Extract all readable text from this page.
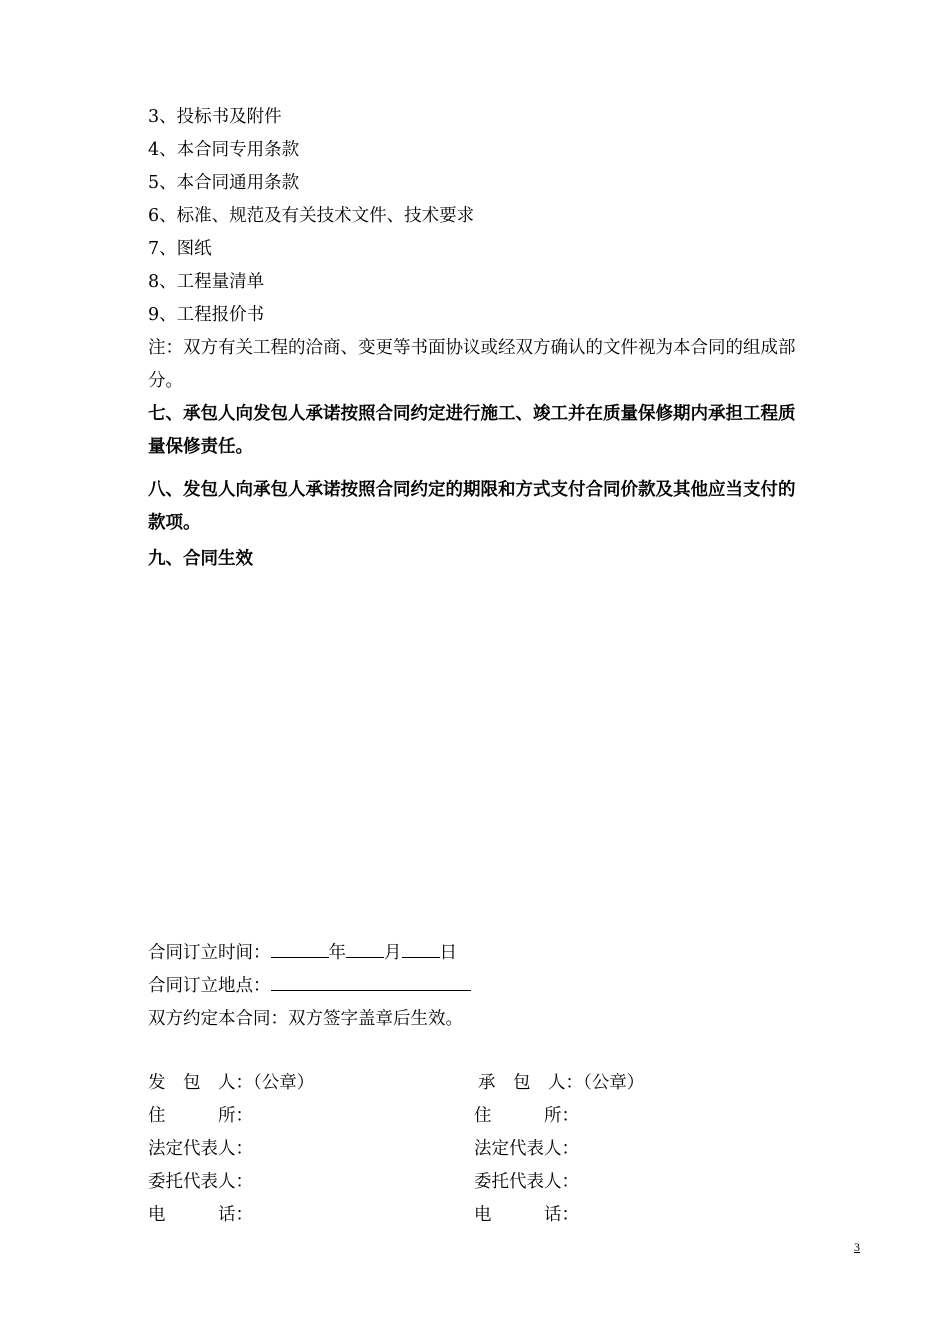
3、投标书及附件
4、本合同专用条款
5、本合同通用条款
6、标准、规范及有关技术文件、技术要求
7、图纸
8、工程量清单
9、工程报价书
注：双方有关工程的洽商、变更等书面协议或经双方确认的文件视为本合同的组成部
分。
七、承包人向发包人承诺按照合同约定进行施工、竣工并在质量保修期内承担工程质
量保修责任。
八、发包人向承包人承诺按照合同约定的期限和方式支付合同价款及其他应当支付的
款项。
九、合同生效
合同订立时间：	年 月 日
合同订立地点：
双方约定本合同：双方签字盖章后生效。
发　包　人：（公章）
住　　　所：
法定代表人：
委托代表人：
电　　　话：
承　包　人：（公章）
住　　　所：
法定代表人：
委托代表人：
电　　　话：
3
